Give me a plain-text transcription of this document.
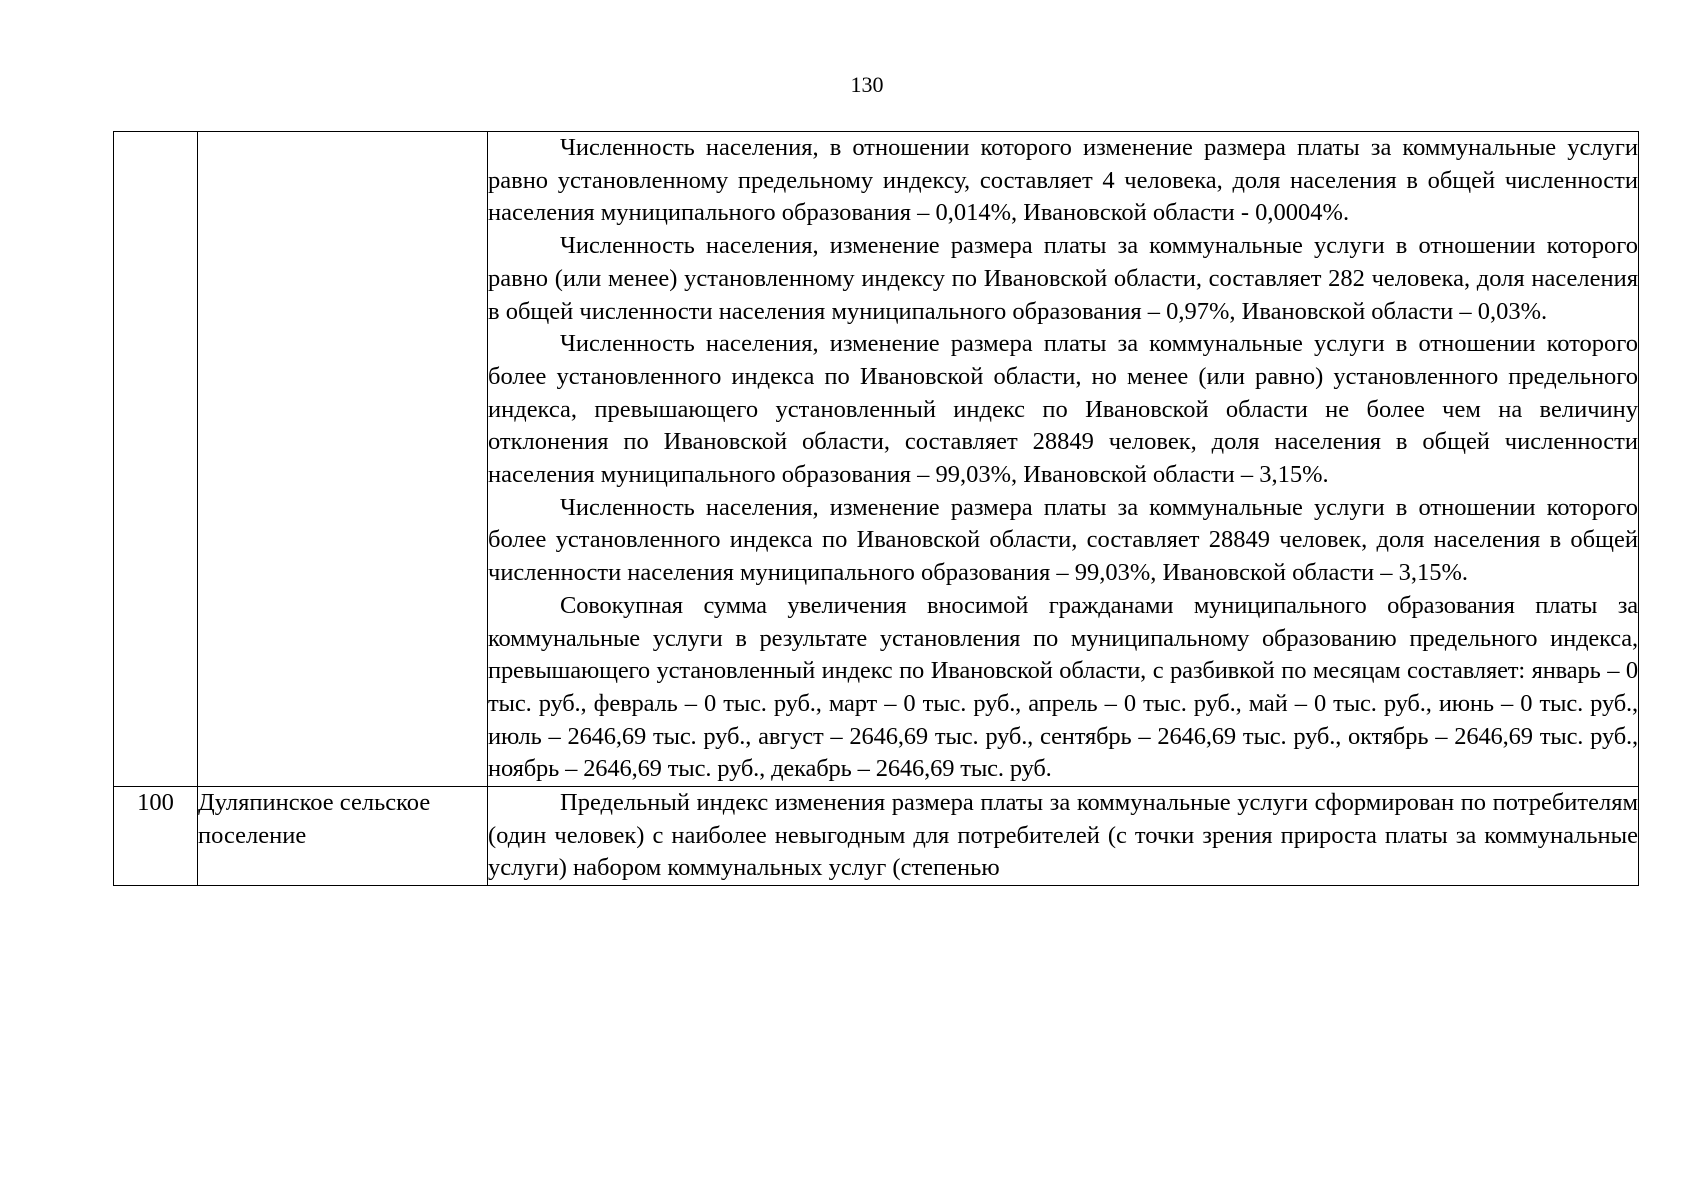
130

		Численность населения, в отношении которого изменение размера платы за коммунальные услуги равно установленному предельному индексу, составляет 4 человека, доля населения в общей численности населения муниципального образования – 0,014%, Ивановской области - 0,0004%.

Численность населения, изменение размера платы за коммунальные услуги в отношении которого равно (или менее) установленному индексу по Ивановской области, составляет 282 человека, доля населения в общей численности населения муниципального образования – 0,97%, Ивановской области – 0,03%.

Численность населения, изменение размера платы за коммунальные услуги в отношении которого более установленного индекса по Ивановской области, но менее (или равно) установленного предельного индекса, превышающего установленный индекс по Ивановской области не более чем на величину отклонения по Ивановской области, составляет 28849 человек, доля населения в общей численности населения муниципального образования – 99,03%, Ивановской области – 3,15%.

Численность населения, изменение размера платы за коммунальные услуги в отношении которого более установленного индекса по Ивановской области, составляет 28849 человек, доля населения в общей численности населения муниципального образования – 99,03%, Ивановской области – 3,15%.

Совокупная сумма увеличения вносимой гражданами муниципального образования платы за коммунальные услуги в результате установления по муниципальному образованию предельного индекса, превышающего установленный индекс по Ивановской области, с разбивкой по месяцам составляет: январь – 0 тыс. руб., февраль – 0 тыс. руб., март – 0 тыс. руб., апрель – 0 тыс. руб., май – 0 тыс. руб., июнь – 0 тыс. руб., июль – 2646,69 тыс. руб., август – 2646,69 тыс. руб., сентябрь – 2646,69 тыс. руб., октябрь – 2646,69 тыс. руб., ноябрь – 2646,69 тыс. руб., декабрь – 2646,69 тыс. руб.

100	Дуляпинское сельское поселение	Предельный индекс изменения размера платы за коммунальные услуги сформирован по потребителям (один человек) с наиболее невыгодным для потребителей (с точки зрения прироста платы за коммунальные услуги) набором коммунальных услуг (степенью
